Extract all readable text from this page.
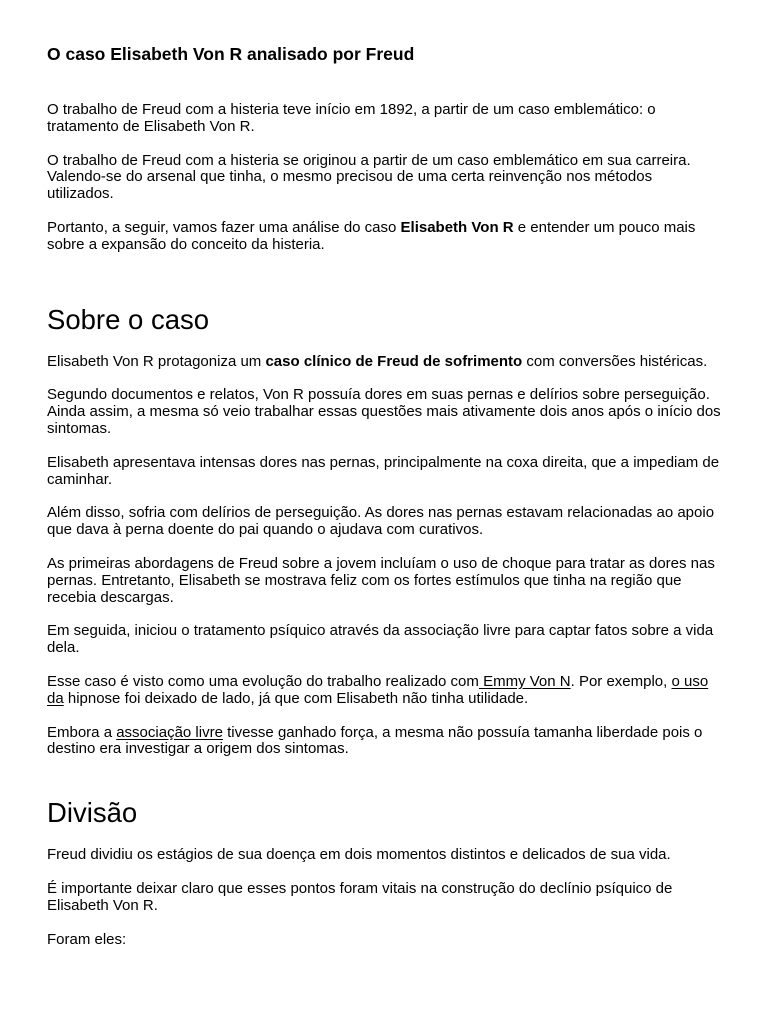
O caso Elisabeth Von R analisado por Freud

O trabalho de Freud com a histeria teve início em 1892, a partir de um caso emblemático: o tratamento de Elisabeth Von R.

O trabalho de Freud com a histeria se originou a partir de um caso emblemático em sua carreira. Valendo-se do arsenal que tinha, o mesmo precisou de uma certa reinvenção nos métodos utilizados.

Portanto, a seguir, vamos fazer uma análise do caso Elisabeth Von R e entender um pouco mais sobre a expansão do conceito da histeria.

Sobre o caso

Elisabeth Von R protagoniza um caso clínico de Freud de sofrimento com conversões histéricas.

Segundo documentos e relatos, Von R possuía dores em suas pernas e delírios sobre perseguição. Ainda assim, a mesma só veio trabalhar essas questões mais ativamente dois anos após o início dos sintomas.

Elisabeth apresentava intensas dores nas pernas, principalmente na coxa direita, que a impediam de caminhar.

Além disso, sofria com delírios de perseguição. As dores nas pernas estavam relacionadas ao apoio que dava à perna doente do pai quando o ajudava com curativos.

As primeiras abordagens de Freud sobre a jovem incluíam o uso de choque para tratar as dores nas pernas. Entretanto, Elisabeth se mostrava feliz com os fortes estímulos que tinha na região que recebia descargas.

Em seguida, iniciou o tratamento psíquico através da associação livre para captar fatos sobre a vida dela.

Esse caso é visto como uma evolução do trabalho realizado com Emmy Von N. Por exemplo, o uso da hipnose foi deixado de lado, já que com Elisabeth não tinha utilidade.

Embora a associação livre tivesse ganhado força, a mesma não possuía tamanha liberdade pois o destino era investigar a origem dos sintomas.

Divisão

Freud dividiu os estágios de sua doença em dois momentos distintos e delicados de sua vida.

É importante deixar claro que esses pontos foram vitais na construção do declínio psíquico de Elisabeth Von R.

Foram eles:
